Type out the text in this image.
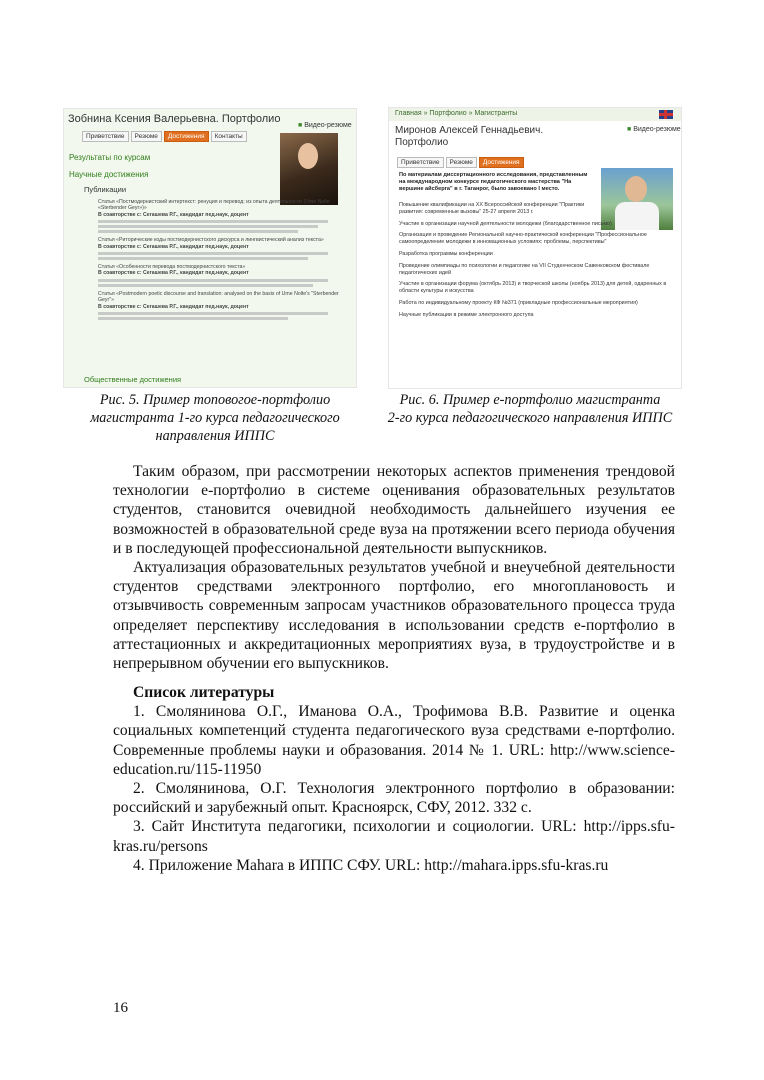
Зобнина Ксения Валерьевна. Портфолио
Приветствие Резюме Достижения Контакты
■ Видео-резюме
Результаты по курсам
Научные достижения
Публикации
Статья «Постмодернистский интертекст: ренуция и перевод: из опыта деятельности (Ume Nolte «Sterbender Geyr»)»
В соавторстве с: Сегашева Р.Г., кандидат пед.наук, доцент
Статья «Риторические коды постмодернистского дискурса и лингвистический анализ текста»
В соавторстве с: Сегашева Р.Г., кандидат пед.наук, доцент
Статья «Особенности перевода постмодернистского текста»
В соавторстве с: Сегашева Р.Г., кандидат пед.наук, доцент
Статья «Postmodern poetic discourse and translation: analysed on the basis of Ume Nolte's "Sterbender Geyr"»
В соавторстве с: Сегашева Р.Г., кандидат пед.наук, доцент
Общественные достижения
Главная » Портфолио » Магистранты
Миронов Алексей Геннадьевич.
Портфолио
■ Видео-резюме
Приветствие Резюме Достижения
По материалам диссертационного исследования, представленным на международном конкурсе педагогического мастерства "На вершине айсберга" в г. Таганрог, было завоевано I место.
Повышение квалификации на XX Всероссийской конференции "Практики развития: современные вызовы" 25-27 апреля 2013 г.
Участие в организации научной деятельности молодежи (благодарственное письмо)
Организация и проведение Региональной научно-практической конференции "Профессиональное самоопределение молодежи в инновационных условиях: проблемы, перспективы"
Разработка программы конференции
Проведение олимпиады по психологии и педагогике на VII Студенческом Савенковском фестивале педагогических идей
Участие в организации форума (октябрь 2013) и творческой школы (ноябрь 2013) для детей, одаренных в области культуры и искусства
Работа по индивидуальному проекту КФ №371 (прикладные профессиональные мероприятия)
Научные публикации в режиме электронного доступа
Рис. 5. Пример топовогое-портфолио
магистранта 1-го курса педагогического
направления ИППС
Рис. 6. Пример е-портфолио магистранта
2-го курса педагогического направления ИППС

Таким образом, при рассмотрении некоторых аспектов применения трендовой технологии е-портфолио в системе оценивания образовательных результатов студентов, становится очевидной необходимость дальнейшего изучения ее возможностей в образовательной среде вуза на протяжении всего периода обучения и в последующей профессиональной деятельности выпускников.

Актуализация образовательных результатов учебной и внеучебной деятельности студентов средствами электронного портфолио, его многоплановость и отзывчивость современным запросам участников образовательного процесса труда определяет перспективу исследования в использовании средств е-портфолио в аттестационных и аккредитационных мероприятиях вуза, в трудоустройстве и в непрерывном обучении его выпускников.

Список литературы

1. Смолянинова О.Г., Иманова О.А., Трофимова В.В. Развитие и оценка социальных компетенций студента педагогического вуза средствами е-портфолио. Современные проблемы науки и образования. 2014 № 1. URL: http://www.science-education.ru/115-11950

2. Смолянинова, О.Г. Технология электронного портфолио в образовании: российский и зарубежный опыт. Красноярск, СФУ, 2012. 332 с.

3. Сайт Института педагогики, психологии и социологии. URL: http://ipps.sfu-kras.ru/persons

4. Приложение Mahara в ИППС СФУ. URL: http://mahara.ipps.sfu-kras.ru

16
